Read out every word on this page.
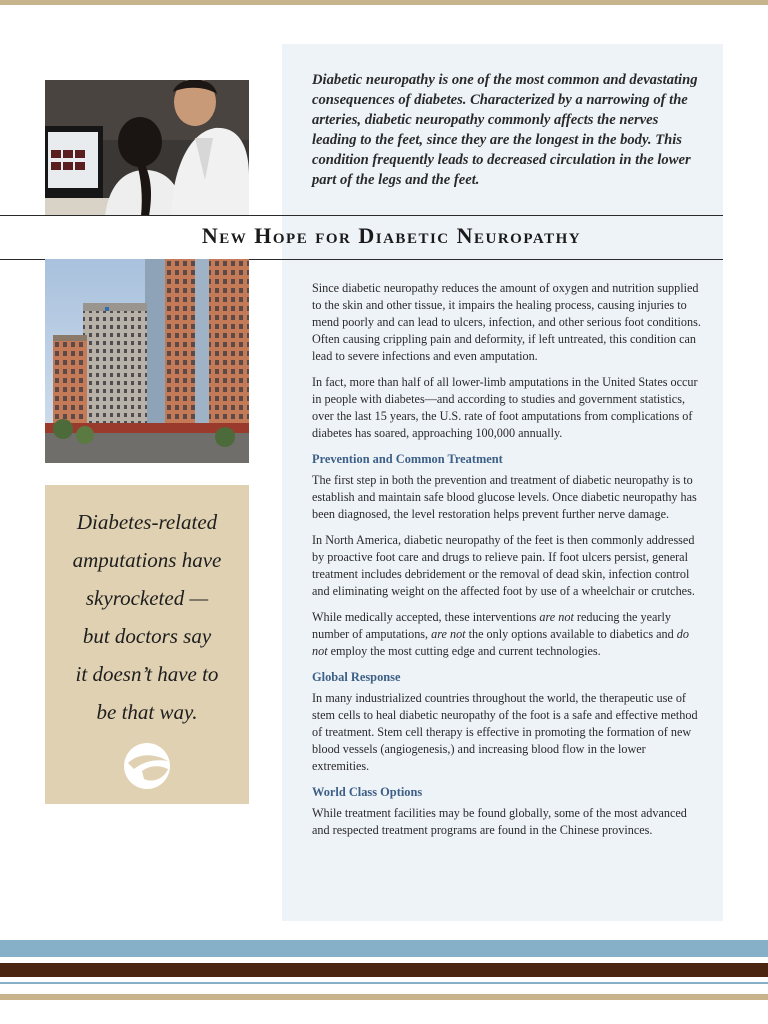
Diabetic neuropathy is one of the most common and devastating consequences of diabetes. Characterized by a narrowing of the arteries, diabetic neuropathy commonly affects the nerves leading to the feet, since they are the longest in the body. This condition frequently leads to decreased circulation in the lower part of the legs and the feet.

New Hope for Diabetic Neuropathy

Since diabetic neuropathy reduces the amount of oxygen and nutrition supplied to the skin and other tissue, it impairs the healing process, causing injuries to mend poorly and can lead to ulcers, infection, and other serious foot conditions. Often causing crippling pain and deformity, if left untreated, this condition can lead to severe infections and even amputation.

In fact, more than half of all lower-limb amputations in the United States occur in people with diabetes—and according to studies and government statistics, over the last 15 years, the U.S. rate of foot amputations from complications of diabetes has soared, approaching 100,000 annually.

Prevention and Common Treatment

The first step in both the prevention and treatment of diabetic neuropathy is to establish and maintain safe blood glucose levels. Once diabetic neuropathy has been diagnosed, the level restoration helps prevent further nerve damage.

In North America, diabetic neuropathy of the feet is then commonly addressed by proactive foot care and drugs to relieve pain. If foot ulcers persist, general treatment includes debridement or the removal of dead skin, infection control and eliminating weight on the affected foot by use of a wheelchair or crutches.

While medically accepted, these interventions are not reducing the yearly number of amputations, are not the only options available to diabetics and do not employ the most cutting edge and current technologies.

Global Response

In many industrialized countries throughout the world, the therapeutic use of stem cells to heal diabetic neuropathy of the foot is a safe and effective method of treatment. Stem cell therapy is effective in promoting the formation of new blood vessels (angiogenesis,) and increasing blood flow in the lower extremities.

World Class Options

While treatment facilities may be found globally, some of the most advanced and respected treatment programs are found in the Chinese provinces.

Diabetes-related
amputations have
skyrocketed —
but doctors say
it doesn’t have to
be that way.
